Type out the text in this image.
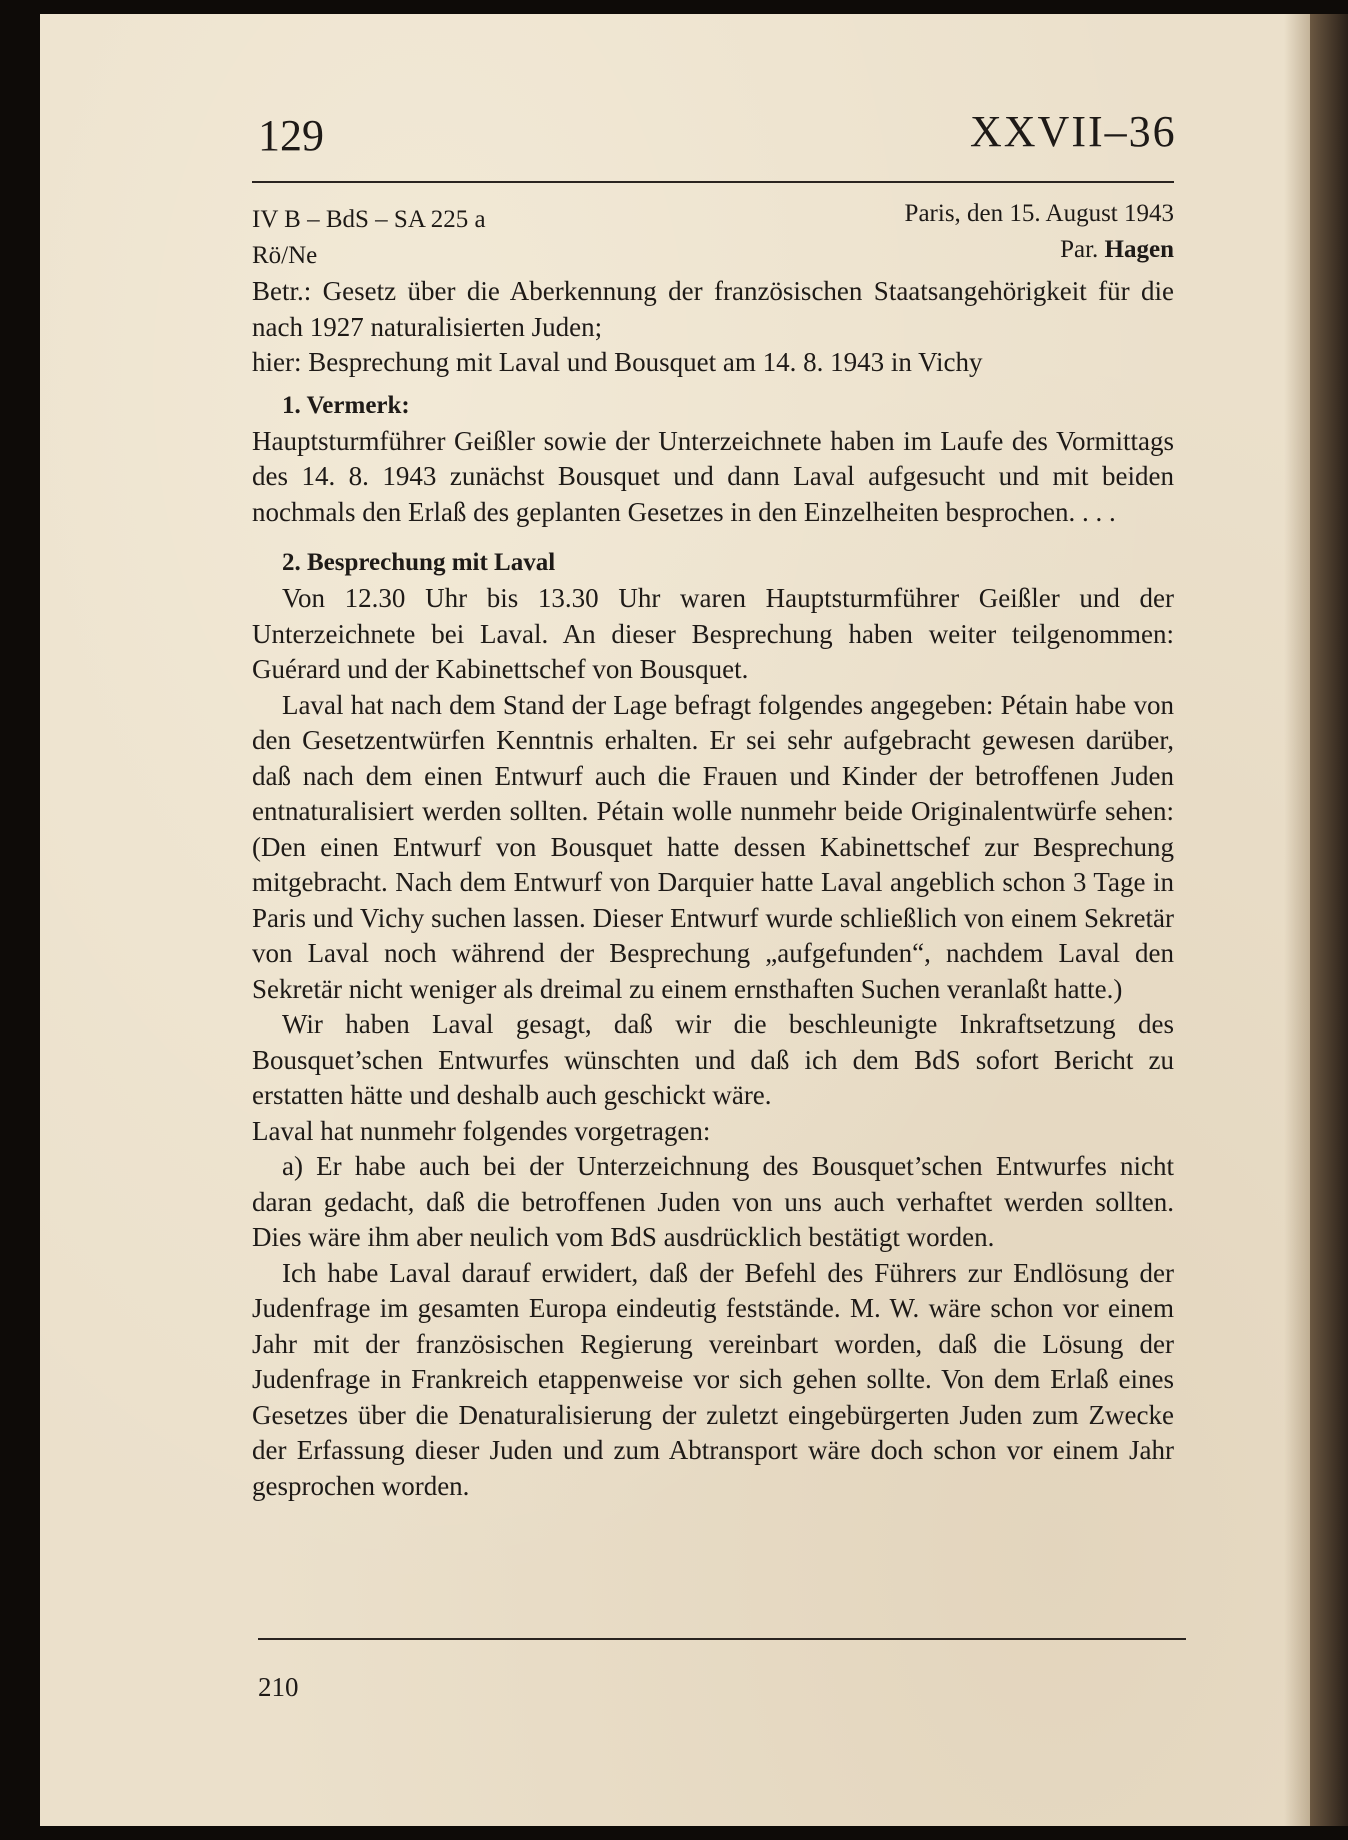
129	XXVII–36
IV B – BdS – SA 225 a
Rö/Ne
Paris, den 15. August 1943
Par. Hagen

Betr.: Gesetz über die Aberkennung der französischen Staatsangehörigkeit für die nach 1927 naturalisierten Juden;

hier: Besprechung mit Laval und Bousquet am 14. 8. 1943 in Vichy

1. Vermerk:

Hauptsturmführer Geißler sowie der Unterzeichnete haben im Laufe des Vormittags des 14. 8. 1943 zunächst Bousquet und dann Laval aufgesucht und mit beiden nochmals den Erlaß des geplanten Gesetzes in den Einzelheiten besprochen. . . .

2. Besprechung mit Laval

Von 12.30 Uhr bis 13.30 Uhr waren Hauptsturmführer Geißler und der Unterzeichnete bei Laval. An dieser Besprechung haben weiter teilgenommen: Guérard und der Kabinettschef von Bousquet.

Laval hat nach dem Stand der Lage befragt folgendes angegeben: Pétain habe von den Gesetzentwürfen Kenntnis erhalten. Er sei sehr aufgebracht gewesen darüber, daß nach dem einen Entwurf auch die Frauen und Kinder der betroffenen Juden entnaturalisiert werden sollten. Pétain wolle nunmehr beide Originalentwürfe sehen: (Den einen Entwurf von Bousquet hatte dessen Kabinettschef zur Besprechung mitgebracht. Nach dem Entwurf von Darquier hatte Laval angeblich schon 3 Tage in Paris und Vichy suchen lassen. Dieser Entwurf wurde schließlich von einem Sekretär von Laval noch während der Besprechung „aufgefunden“, nachdem Laval den Sekretär nicht weniger als dreimal zu einem ernsthaften Suchen veranlaßt hatte.)

Wir haben Laval gesagt, daß wir die beschleunigte Inkraftsetzung des Bousquet’schen Entwurfes wünschten und daß ich dem BdS sofort Bericht zu erstatten hätte und deshalb auch geschickt wäre.

Laval hat nunmehr folgendes vorgetragen:

a) Er habe auch bei der Unterzeichnung des Bousquet’schen Entwurfes nicht daran gedacht, daß die betroffenen Juden von uns auch verhaftet werden sollten. Dies wäre ihm aber neulich vom BdS ausdrücklich bestätigt worden.

Ich habe Laval darauf erwidert, daß der Befehl des Führers zur Endlösung der Judenfrage im gesamten Europa eindeutig feststände. M. W. wäre schon vor einem Jahr mit der französischen Regierung vereinbart worden, daß die Lösung der Judenfrage in Frankreich etappenweise vor sich gehen sollte. Von dem Erlaß eines Gesetzes über die Denaturalisierung der zuletzt eingebürgerten Juden zum Zwecke der Erfassung dieser Juden und zum Abtransport wäre doch schon vor einem Jahr gesprochen worden.

210
